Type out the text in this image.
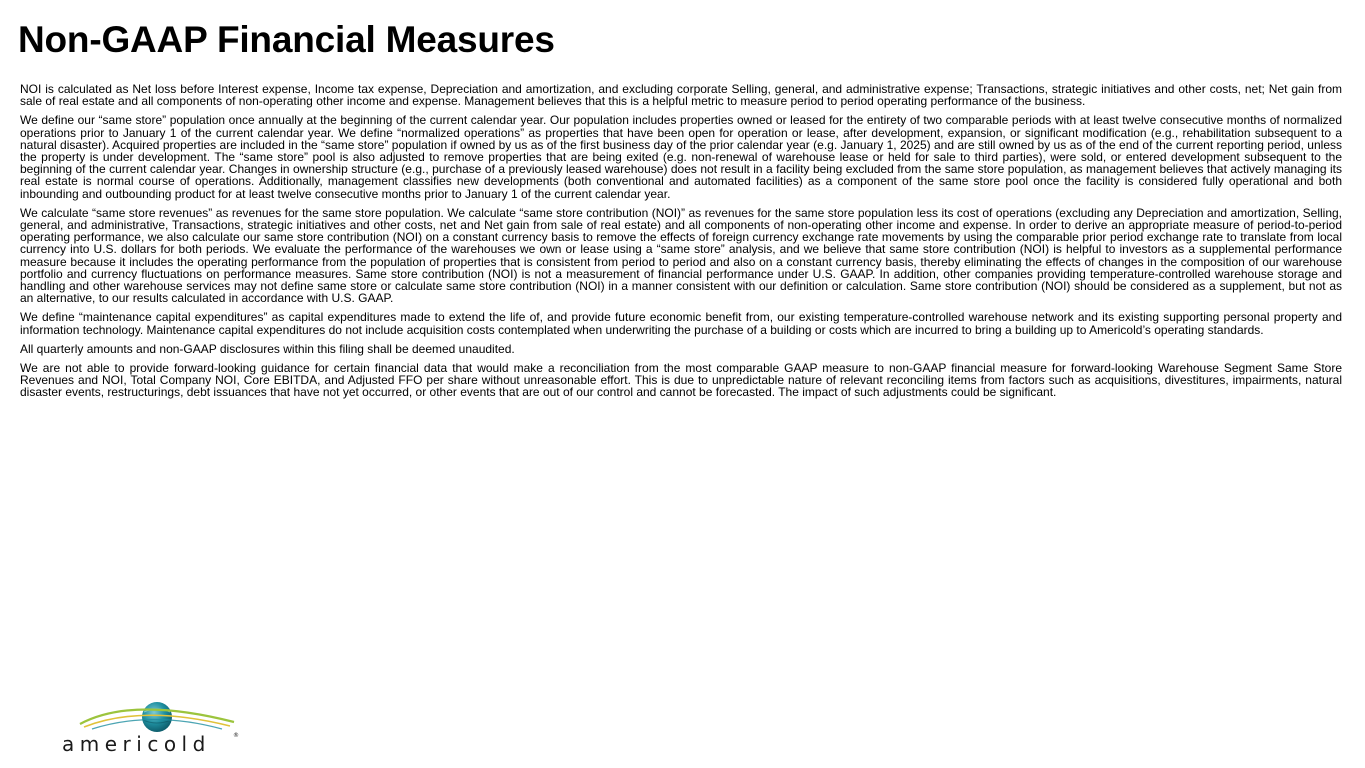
Non-GAAP Financial Measures

NOI is calculated as Net loss before Interest expense, Income tax expense, Depreciation and amortization, and excluding corporate Selling, general, and administrative expense; Transactions, strategic initiatives and other costs, net; Net gain from sale of real estate and all components of non-operating other income and expense. Management believes that this is a helpful metric to measure period to period operating performance of the business.

We define our “same store” population once annually at the beginning of the current calendar year. Our population includes properties owned or leased for the entirety of two comparable periods with at least twelve consecutive months of normalized operations prior to January 1 of the current calendar year. We define “normalized operations” as properties that have been open for operation or lease, after development, expansion, or significant modification (e.g., rehabilitation subsequent to a natural disaster). Acquired properties are included in the “same store” population if owned by us as of the first business day of the prior calendar year (e.g. January 1, 2025) and are still owned by us as of the end of the current reporting period, unless the property is under development. The “same store” pool is also adjusted to remove properties that are being exited (e.g. non-renewal of warehouse lease or held for sale to third parties), were sold, or entered development subsequent to the beginning of the current calendar year. Changes in ownership structure (e.g., purchase of a previously leased warehouse) does not result in a facility being excluded from the same store population, as management believes that actively managing its real estate is normal course of operations. Additionally, management classifies new developments (both conventional and automated facilities) as a component of the same store pool once the facility is considered fully operational and both inbounding and outbounding product for at least twelve consecutive months prior to January 1 of the current calendar year.

We calculate “same store revenues” as revenues for the same store population. We calculate “same store contribution (NOI)” as revenues for the same store population less its cost of operations (excluding any Depreciation and amortization, Selling, general, and administrative, Transactions, strategic initiatives and other costs, net and Net gain from sale of real estate) and all components of non-operating other income and expense. In order to derive an appropriate measure of period-to-period operating performance, we also calculate our same store contribution (NOI) on a constant currency basis to remove the effects of foreign currency exchange rate movements by using the comparable prior period exchange rate to translate from local currency into U.S. dollars for both periods. We evaluate the performance of the warehouses we own or lease using a “same store” analysis, and we believe that same store contribution (NOI) is helpful to investors as a supplemental performance measure because it includes the operating performance from the population of properties that is consistent from period to period and also on a constant currency basis, thereby eliminating the effects of changes in the composition of our warehouse portfolio and currency fluctuations on performance measures. Same store contribution (NOI) is not a measurement of financial performance under U.S. GAAP. In addition, other companies providing temperature-controlled warehouse storage and handling and other warehouse services may not define same store or calculate same store contribution (NOI) in a manner consistent with our definition or calculation. Same store contribution (NOI) should be considered as a supplement, but not as an alternative, to our results calculated in accordance with U.S. GAAP.

We define “maintenance capital expenditures” as capital expenditures made to extend the life of, and provide future economic benefit from, our existing temperature-controlled warehouse network and its existing supporting personal property and information technology. Maintenance capital expenditures do not include acquisition costs contemplated when underwriting the purchase of a building or costs which are incurred to bring a building up to Americold’s operating standards.

All quarterly amounts and non-GAAP disclosures within this filing shall be deemed unaudited.

We are not able to provide forward-looking guidance for certain financial data that would make a reconciliation from the most comparable GAAP measure to non-GAAP financial measure for forward-looking Warehouse Segment Same Store Revenues and NOI, Total Company NOI, Core EBITDA, and Adjusted FFO per share without unreasonable effort. This is due to unpredictable nature of relevant reconciling items from factors such as acquisitions, divestitures, impairments, natural disaster events, restructurings, debt issuances that have not yet occurred, or other events that are out of our control and cannot be forecasted. The impact of such adjustments could be significant.

americold	®
